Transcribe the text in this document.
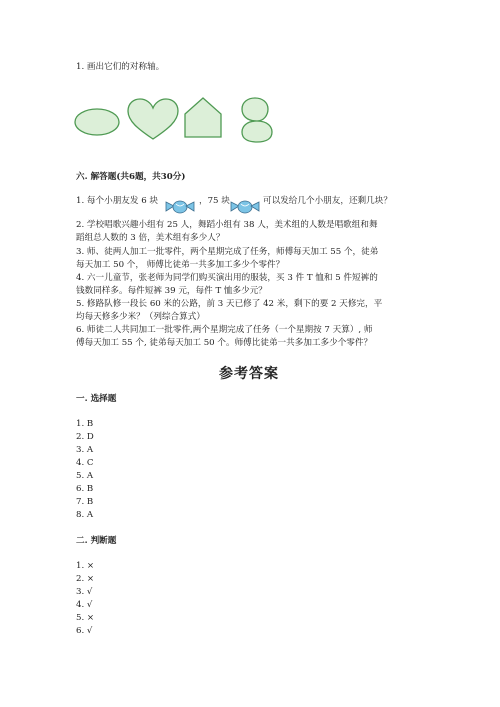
1. 画出它们的对称轴。
六. 解答题(共6题，共30分)
1. 每个小朋友发 6 块	，75 块	可以发给几个小朋友，还剩几块？
2. 学校唱歌兴趣小组有 25 人，舞蹈小组有 38 人，美术组的人数是唱歌组和舞
蹈组总人数的 3 倍，美术组有多少人？
3. 师、徒两人加工一批零件，两个星期完成了任务，师傅每天加工 55 个，徒弟
每天加工 50 个， 师傅比徒弟一共多加工多少个零件？
4. 六一儿童节，张老师为同学们购买演出用的服装，买 3 件 T 恤和 5 件短裤的
钱数同样多。每件短裤 39 元，每件 T 恤多少元？
5. 修路队修一段长 60 米的公路，前 3 天已修了 42 米，剩下的要 2 天修完，平
均每天修多少米？（列综合算式）
6. 师徒二人共同加工一批零件,两个星期完成了任务（一个星期按 7 天算）, 师
傅每天加工 55 个, 徒弟每天加工 50 个。师傅比徒弟一共多加工多少个零件？
参考答案
一. 选择题
1. B
2. D
3. A
4. C
5. A
6. B
7. B
8. A
二. 判断题
1. ×
2. ×
3. √
4. √
5. ×
6. √
